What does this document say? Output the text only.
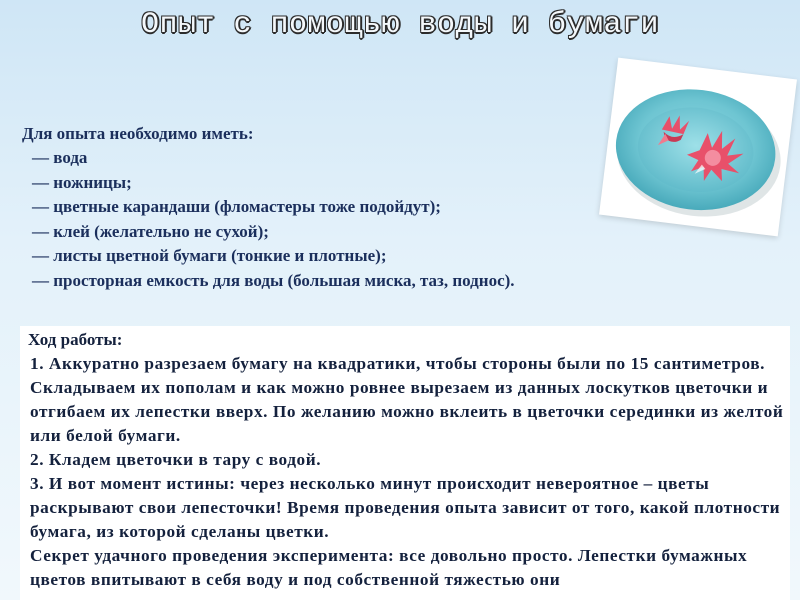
Опыт с помощью воды и бумаги
Для опыта необходимо иметь:
— вода
— ножницы;
— цветные карандаши (фломастеры тоже подойдут);
— клей (желательно не сухой);
— листы цветной бумаги (тонкие и плотные);
— просторная емкость для воды (большая миска, таз, поднос).
Ход работы:

1. Аккуратно разрезаем бумагу на квадратики, чтобы стороны были по 15 сантиметров. Складываем их пополам и как можно ровнее вырезаем из данных лоскутков цветочки и отгибаем их лепестки вверх. По желанию можно вклеить в цветочки серединки из желтой или белой бумаги.

2. Кладем цветочки в тару с водой.

3. И вот момент истины: через несколько минут происходит невероятное – цветы раскрывают свои лепесточки! Время проведения опыта зависит от того, какой плотности бумага, из которой сделаны цветки.

Секрет удачного проведения эксперимента: все довольно просто. Лепестки бумажных цветов впитывают в себя воду и под собственной тяжестью они
